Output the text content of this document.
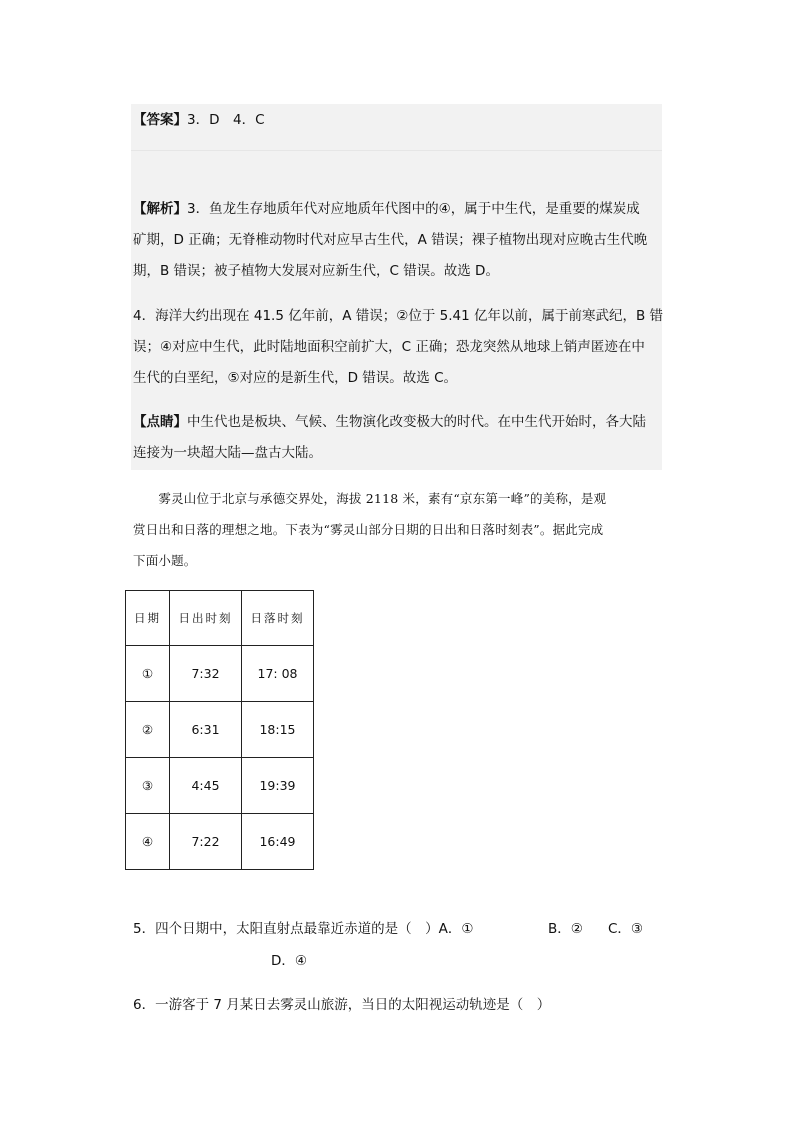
【答案】3．D　4．C
【解析】3．鱼龙生存地质年代对应地质年代图中的④，属于中生代，是重要的煤炭成
矿期，D 正确；无脊椎动物时代对应早古生代，A 错误；裸子植物出现对应晚古生代晚
期，B 错误；被子植物大发展对应新生代，C 错误。故选 D。
4．海洋大约出现在 41.5 亿年前，A 错误；②位于 5.41 亿年以前，属于前寒武纪，B 错
误；④对应中生代，此时陆地面积空前扩大，C 正确；恐龙突然从地球上销声匿迹在中
生代的白垩纪，⑤对应的是新生代，D 错误。故选 C。
【点睛】中生代也是板块、气候、生物演化改变极大的时代。在中生代开始时，各大陆
连接为一块超大陆—盘古大陆。
　　雾灵山位于北京与承德交界处，海拔 2118 米，素有“京东第一峰”的美称，是观
赏日出和日落的理想之地。下表为“雾灵山部分日期的日出和日落时刻表”。据此完成
下面小题。
日期	日出时刻	日落时刻
①	7:32	17: 08
②	6:31	18:15
③	4:45	19:39
④	7:22	16:49
5．四个日期中，太阳直射点最靠近赤道的是（　）A．①	B．② C．③
D．④
6．一游客于 7 月某日去雾灵山旅游，当日的太阳视运动轨迹是（　）
